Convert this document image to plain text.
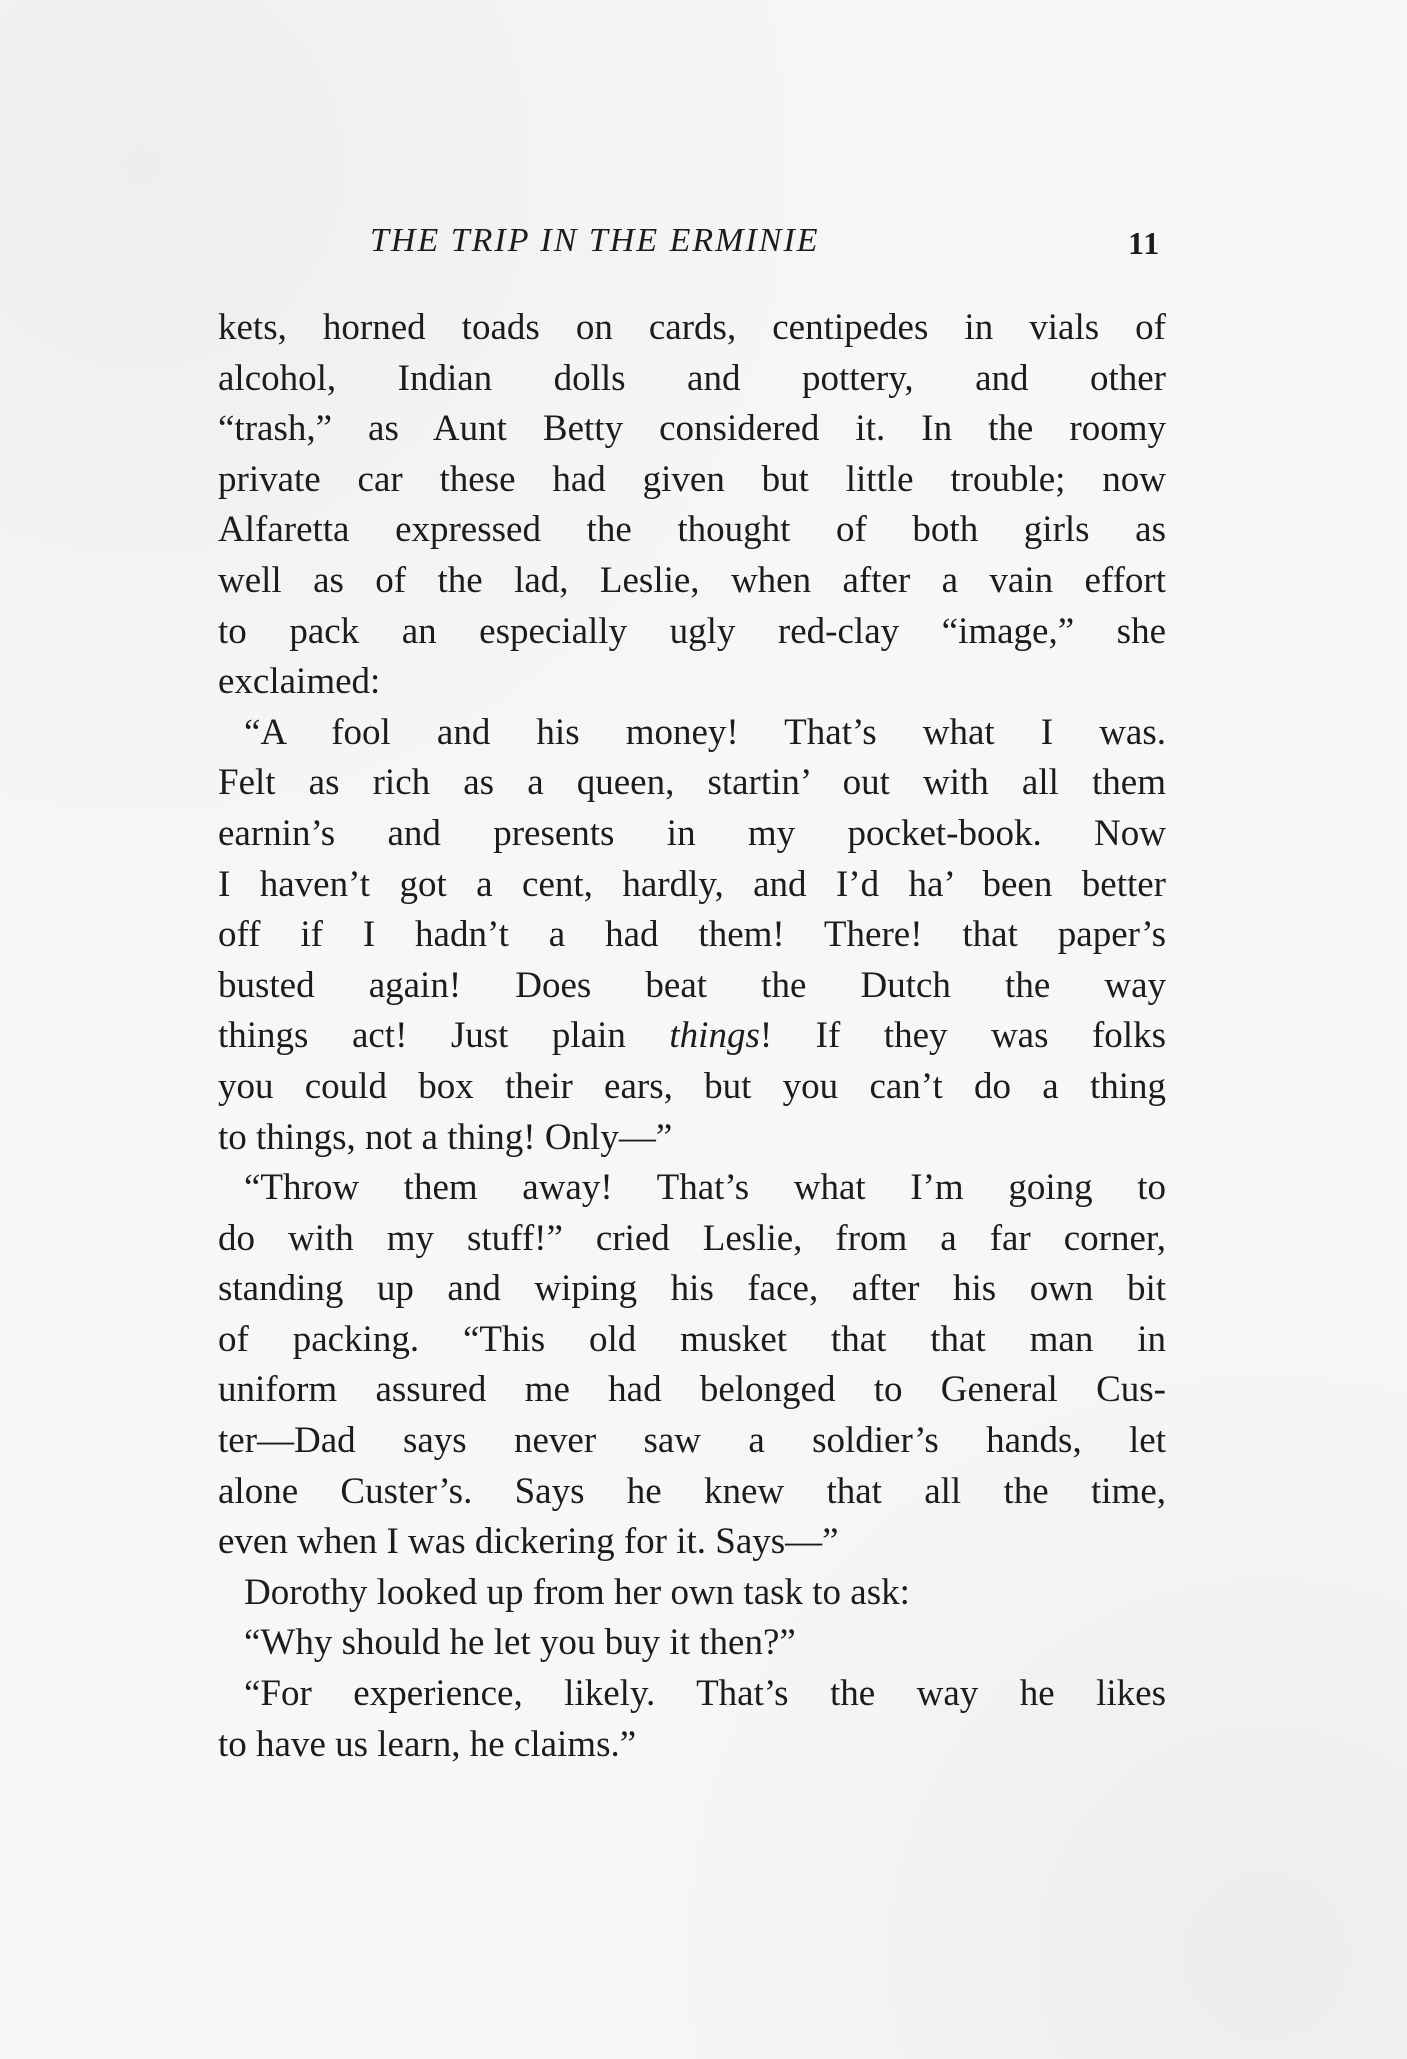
THE TRIP IN THE ERMINIE	11
kets, horned toads on cards, centipedes in vials of
alcohol, Indian dolls and pottery, and other
“trash,” as Aunt Betty considered it. In the roomy
private car these had given but little trouble; now
Alfaretta expressed the thought of both girls as
well as of the lad, Leslie, when after a vain effort
to pack an especially ugly red-clay “image,” she
exclaimed:
“A fool and his money! That’s what I was.
Felt as rich as a queen, startin’ out with all them
earnin’s and presents in my pocket-book. Now
I haven’t got a cent, hardly, and I’d ha’ been better
off if I hadn’t a had them! There! that paper’s
busted again! Does beat the Dutch the way
things act! Just plain things! If they was folks
you could box their ears, but you can’t do a thing
to things, not a thing! Only—”
“Throw them away! That’s what I’m going to
do with my stuff!” cried Leslie, from a far corner,
standing up and wiping his face, after his own bit
of packing. “This old musket that that man in
uniform assured me had belonged to General Cus-
ter—Dad says never saw a soldier’s hands, let
alone Custer’s. Says he knew that all the time,
even when I was dickering for it. Says—”
Dorothy looked up from her own task to ask:
“Why should he let you buy it then?”
“For experience, likely. That’s the way he likes
to have us learn, he claims.”
